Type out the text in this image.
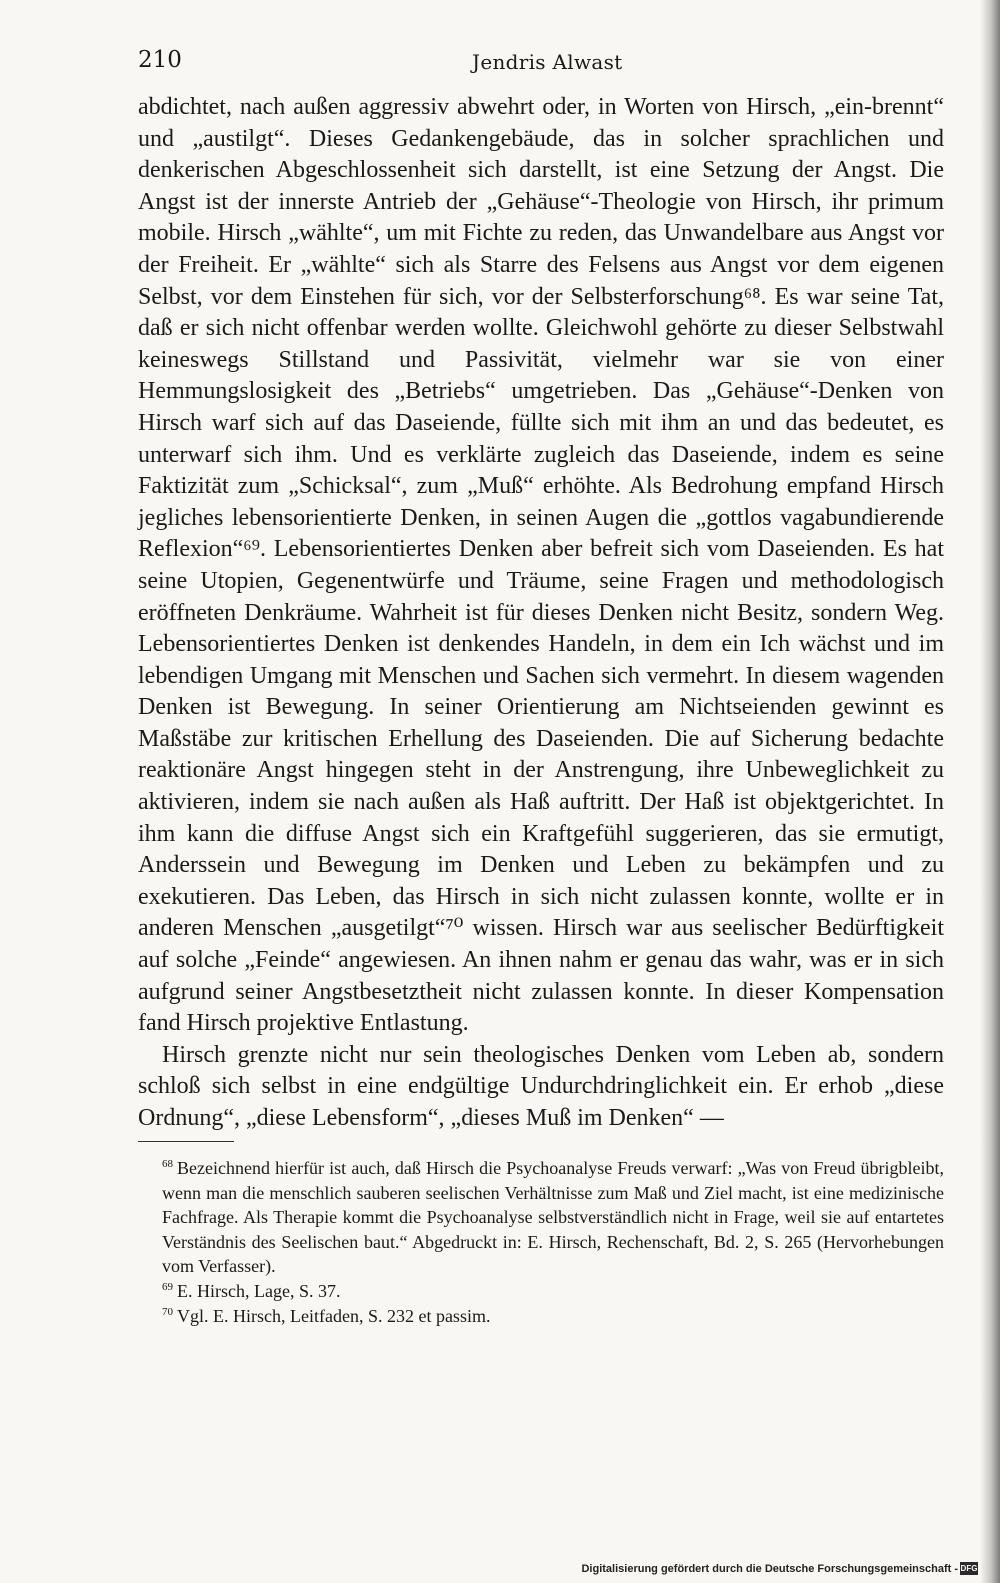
210	Jendris Alwast

abdichtet, nach außen aggressiv abwehrt oder, in Worten von Hirsch, „ein-brennt“ und „austilgt“. Dieses Gedankengebäude, das in solcher sprachlichen und denkerischen Abgeschlossenheit sich darstellt, ist eine Setzung der Angst. Die Angst ist der innerste Antrieb der „Gehäuse“-Theologie von Hirsch, ihr primum mobile. Hirsch „wählte“, um mit Fichte zu reden, das Unwandelbare aus Angst vor der Freiheit. Er „wählte“ sich als Starre des Felsens aus Angst vor dem eigenen Selbst, vor dem Einstehen für sich, vor der Selbsterforschung⁶⁸. Es war seine Tat, daß er sich nicht offenbar werden wollte. Gleichwohl gehörte zu dieser Selbstwahl keineswegs Stillstand und Passivität, vielmehr war sie von einer Hemmungslosigkeit des „Betriebs“ umgetrieben. Das „Gehäuse“-Denken von Hirsch warf sich auf das Daseiende, füllte sich mit ihm an und das bedeutet, es unterwarf sich ihm. Und es verklärte zugleich das Daseiende, indem es seine Faktizität zum „Schicksal“, zum „Muß“ erhöhte. Als Bedrohung empfand Hirsch jegliches lebensorientierte Denken, in seinen Augen die „gottlos vagabundierende Reflexion“⁶⁹. Lebensorientiertes Denken aber befreit sich vom Daseienden. Es hat seine Utopien, Gegenentwürfe und Träume, seine Fragen und methodologisch eröffneten Denkräume. Wahrheit ist für dieses Denken nicht Besitz, sondern Weg. Lebensorientiertes Denken ist denkendes Handeln, in dem ein Ich wächst und im lebendigen Umgang mit Menschen und Sachen sich vermehrt. In diesem wagenden Denken ist Bewegung. In seiner Orientierung am Nichtseienden gewinnt es Maßstäbe zur kritischen Erhellung des Daseienden. Die auf Sicherung bedachte reaktionäre Angst hingegen steht in der Anstrengung, ihre Unbeweglichkeit zu aktivieren, indem sie nach außen als Haß auftritt. Der Haß ist objektgerichtet. In ihm kann die diffuse Angst sich ein Kraftgefühl suggerieren, das sie ermutigt, Anderssein und Bewegung im Denken und Leben zu bekämpfen und zu exekutieren. Das Leben, das Hirsch in sich nicht zulassen konnte, wollte er in anderen Menschen „ausgetilgt“⁷⁰ wissen. Hirsch war aus seelischer Bedürftigkeit auf solche „Feinde“ angewiesen. An ihnen nahm er genau das wahr, was er in sich aufgrund seiner Angstbesetztheit nicht zulassen konnte. In dieser Kompensation fand Hirsch projektive Entlastung.

Hirsch grenzte nicht nur sein theologisches Denken vom Leben ab, sondern schloß sich selbst in eine endgültige Undurchdringlichkeit ein. Er erhob „diese Ordnung“, „diese Lebensform“, „dieses Muß im Denken“ —

$^{68}$ Bezeichnend hierfür ist auch, daß Hirsch die Psychoanalyse Freuds verwarf: „Was von Freud übrigbleibt, wenn man die menschlich sauberen seelischen Verhältnisse zum Maß und Ziel macht, ist eine medizinische Fachfrage. Als Therapie kommt die Psychoanalyse selbstverständlich nicht in Frage, weil sie auf entartetes Verständnis des Seelischen baut.“ Abgedruckt in: E. Hirsch, Rechenschaft, Bd. 2, S. 265 (Hervorhebungen vom Verfasser).
$^{69}$ E. Hirsch, Lage, S. 37.
$^{70}$ Vgl. E. Hirsch, Leitfaden, S. 232 et passim.
Digitalisierung gefördert durch die Deutsche Forschungsgemeinschaft - DFG
